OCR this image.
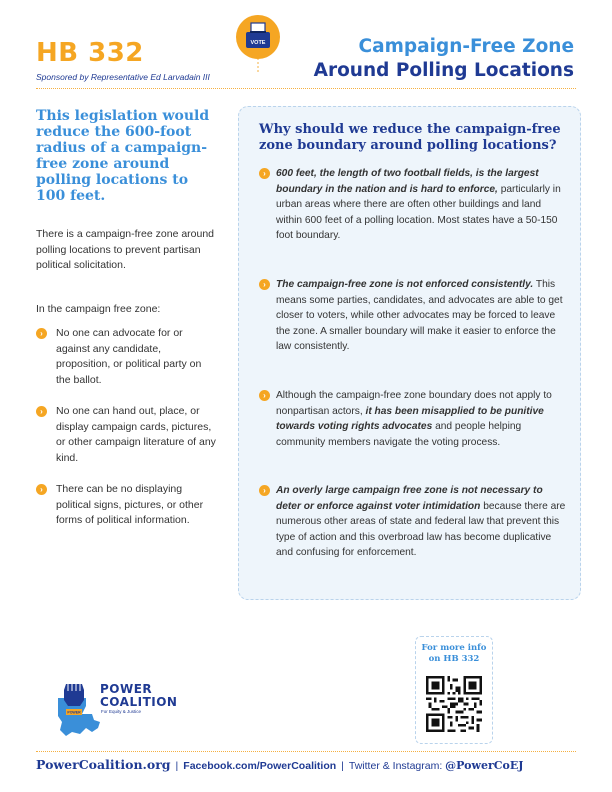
HB 332
Sponsored by Representative Ed Larvadain III
VOTE	Campaign-Free Zone
Around Polling Locations
This legislation would reduce the 600-foot radius of a campaign-free zone around polling locations to 100 feet.
There is a campaign-free zone around polling locations to prevent partisan political solicitation.
In the campaign free zone:
›	No one can advocate for or against any candidate, proposition, or political party on the ballot.
›	No one can hand out, place, or display campaign cards, pictures, or other campaign literature of any kind.
›	There can be no displaying political signs, pictures, or other forms of political information.
Why should we reduce the campaign-free zone boundary around polling locations?
› 600 feet, the length of two football fields, is the largest boundary in the nation and is hard to enforce, particularly in urban areas where there are often other buildings and land within 600 feet of a polling location. Most states have a 50-150 foot boundary.
› The campaign-free zone is not enforced consistently. This means some parties, candidates, and advocates are able to get closer to voters, while other advocates may be forced to leave the zone. A smaller boundary will make it easier to enforce the law consistently.
› Although the campaign-free zone boundary does not apply to nonpartisan actors, it has been misapplied to be punitive towards voting rights advocates and people helping community members navigate the voting process.
› An overly large campaign free zone is not necessary to deter or enforce against voter intimidation because there are numerous other areas of state and federal law that prevent this type of action and this overbroad law has become duplicative and confusing for enforcement.
POWER
POWER
COALITION
For Equity & Justice
For more info on HB 332
PowerCoalition.org | Facebook.com/PowerCoalition | Twitter & Instagram: @PowerCoEJ
